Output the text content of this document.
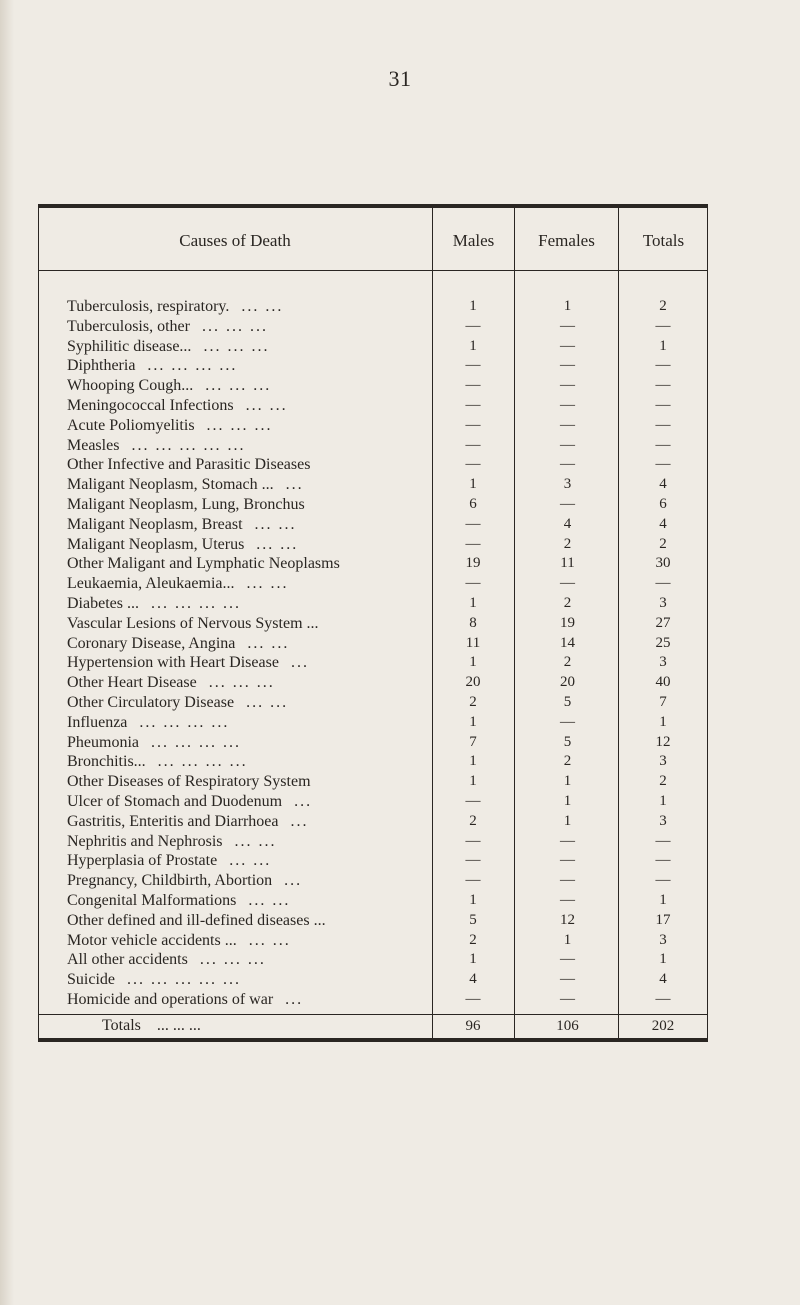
31
Causes of Death	Males	Females	Totals
Tuberculosis, respiratory. ... ...	1	1	2
Tuberculosis, other ... ... ...	—	—	—
Syphilitic disease... ... ... ...	1	—	1
Diphtheria ... ... ... ...	—	—	—
Whooping Cough... ... ... ...	—	—	—
Meningococcal Infections ... ...	—	—	—
Acute Poliomyelitis ... ... ...	—	—	—
Measles ... ... ... ... ...	—	—	—
Other Infective and Parasitic Diseases	—	—	—
Maligant Neoplasm, Stomach ... ...	1	3	4
Maligant Neoplasm, Lung, Bronchus	6	—	6
Maligant Neoplasm, Breast ... ...	—	4	4
Maligant Neoplasm, Uterus ... ...	—	2	2
Other Maligant and Lymphatic Neoplasms	19	11	30
Leukaemia, Aleukaemia... ... ...	—	—	—
Diabetes ... ... ... ... ...	1	2	3
Vascular Lesions of Nervous System ...	8	19	27
Coronary Disease, Angina ... ...	11	14	25
Hypertension with Heart Disease ...	1	2	3
Other Heart Disease ... ... ...	20	20	40
Other Circulatory Disease ... ...	2	5	7
Influenza ... ... ... ...	1	—	1
Pheumonia ... ... ... ...	7	5	12
Bronchitis... ... ... ... ...	1	2	3
Other Diseases of Respiratory System	1	1	2
Ulcer of Stomach and Duodenum ...	—	1	1
Gastritis, Enteritis and Diarrhoea ...	2	1	3
Nephritis and Nephrosis ... ...	—	—	—
Hyperplasia of Prostate ... ...	—	—	—
Pregnancy, Childbirth, Abortion ...	—	—	—
Congenital Malformations ... ...	1	—	1
Other defined and ill-defined diseases ...	5	12	17
Motor vehicle accidents ... ... ...	2	1	3
All other accidents ... ... ...	1	—	1
Suicide ... ... ... ... ...	4	—	4
Homicide and operations of war ...	—	—	—
Totals ... ... ...	96	106	202
